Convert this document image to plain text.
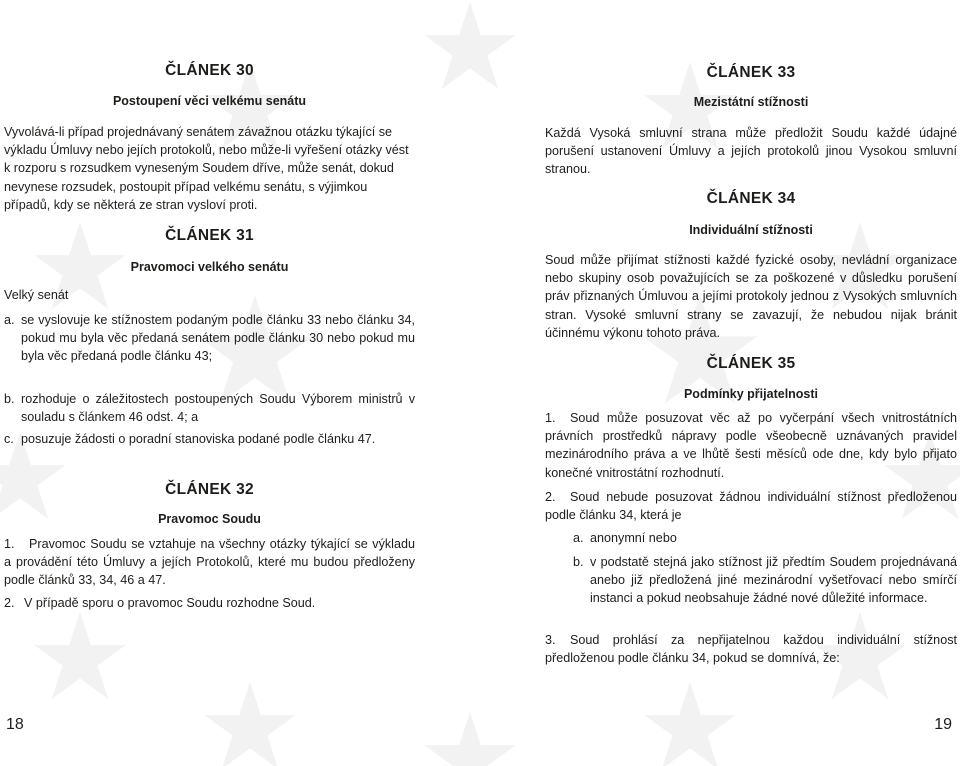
ČLÁNEK 30
Postoupení věci velkému senátu

Vyvolává-li případ projednávaný senátem závažnou otázku týkající se výkladu Úmluvy nebo jejích protokolů, nebo může-li vyřešení otázky vést k rozporu s rozsudkem vyneseným Soudem dříve, může senát, dokud nevynese rozsudek, postoupit případ velkému senátu, s výjimkou případů, kdy se některá ze stran vysloví proti.

ČLÁNEK 31
Pravomoci velkého senátu

Velký senát

a. se vyslovuje ke stížnostem podaným podle článku 33 nebo článku 34, pokud mu byla věc předaná senátem podle článku 30 nebo pokud mu byla věc předaná podle článku 43;
b. rozhoduje o záležitostech postoupených Soudu Výborem ministrů v souladu s článkem 46 odst. 4; a
c. posuzuje žádosti o poradní stanoviska podané podle článku 47.
ČLÁNEK 32
Pravomoc Soudu

1. Pravomoc Soudu se vztahuje na všechny otázky týkající se výkladu a provádění této Úmluvy a jejích Protokolů, které mu budou předloženy podle článků 33, 34, 46 a 47.

2. V případě sporu o pravomoc Soudu rozhodne Soud.

18
ČLÁNEK 33
Mezistátní stížnosti

Každá Vysoká smluvní strana může předložit Soudu každé údajné porušení ustanovení Úmluvy a jejích protokolů jinou Vysokou smluvní stranou.

ČLÁNEK 34
Individuální stížnosti

Soud může přijímat stížnosti každé fyzické osoby, nevládní organizace nebo skupiny osob považujících se za poškozené v důsledku porušení práv přiznaných Úmluvou a jejími protokoly jednou z Vysokých smluvních stran. Vysoké smluvní strany se zavazují, že nebudou nijak bránit účinnému výkonu tohoto práva.

ČLÁNEK 35
Podmínky přijatelnosti

1. Soud může posuzovat věc až po vyčerpání všech vnitrostátních právních prostředků nápravy podle všeobecně uznávaných pravidel mezinárodního práva a ve lhůtě šesti měsíců ode dne, kdy bylo přijato konečné vnitrostátní rozhodnutí.

2. Soud nebude posuzovat žádnou individuální stížnost předloženou podle článku 34, která je

a. anonymní nebo
b. v podstatě stejná jako stížnost již předtím Soudem projednávaná anebo již předložená jiné mezinárodní vyšetřovací nebo smírčí instanci a pokud neobsahuje žádné nové důležité informace.

3. Soud prohlásí za nepřijatelnou každou individuální stížnost předloženou podle článku 34, pokud se domnívá, že:

19
